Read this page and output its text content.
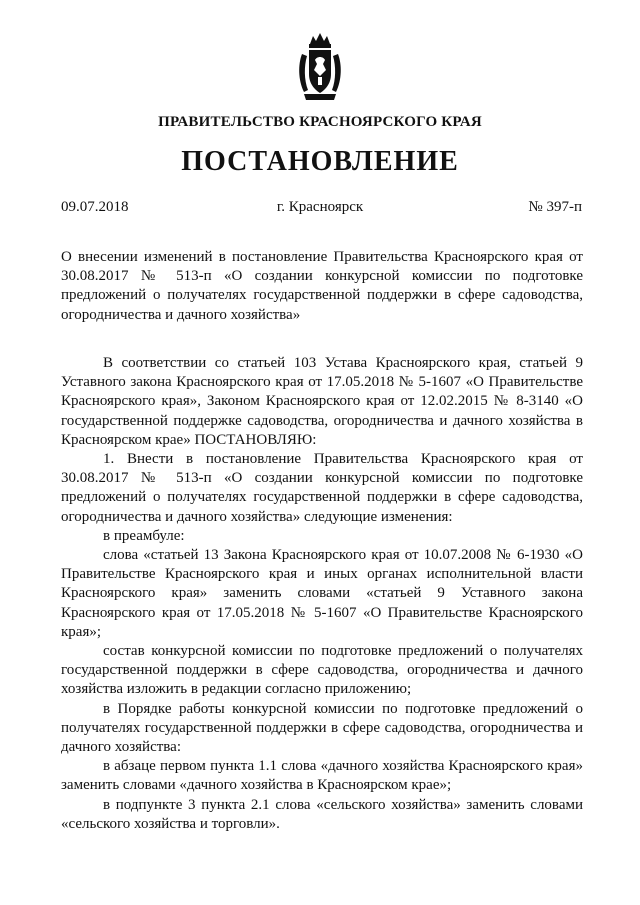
ПРАВИТЕЛЬСТВО КРАСНОЯРСКОГО КРАЯ
ПОСТАНОВЛЕНИЕ
09.07.2018	г. Красноярск	№ 397-п
О внесении изменений в постановление Правительства Красноярского края от 30.08.2017 № 513-п «О создании конкурсной комиссии по подготовке предложений о получателях государственной поддержки в сфере садоводства, огородничества и дачного хозяйства»

В соответствии со статьей 103 Устава Красноярского края, статьей 9 Уставного закона Красноярского края от 17.05.2018 № 5-1607 «О Правительстве Красноярского края», Законом Красноярского края от 12.02.2015 № 8-3140 «О государственной поддержке садоводства, огородничества и дачного хозяйства в Красноярском крае» ПОСТАНОВЛЯЮ:

1. Внести в постановление Правительства Красноярского края от 30.08.2017 № 513-п «О создании конкурсной комиссии по подготовке предложений о получателях государственной поддержки в сфере садоводства, огородничества и дачного хозяйства» следующие изменения:

в преамбуле:

слова «статьей 13 Закона Красноярского края от 10.07.2008 № 6-1930 «О Правительстве Красноярского края и иных органах исполнительной власти Красноярского края» заменить словами «статьей 9 Уставного закона Красноярского края от 17.05.2018 № 5-1607 «О Правительстве Красноярского края»;

состав конкурсной комиссии по подготовке предложений о получателях государственной поддержки в сфере садоводства, огородничества и дачного хозяйства изложить в редакции согласно приложению;

в Порядке работы конкурсной комиссии по подготовке предложений о получателях государственной поддержки в сфере садоводства, огородничества и дачного хозяйства:

в абзаце первом пункта 1.1 слова «дачного хозяйства Красноярского края» заменить словами «дачного хозяйства в Красноярском крае»;

в подпункте 3 пункта 2.1 слова «сельского хозяйства» заменить словами «сельского хозяйства и торговли».
